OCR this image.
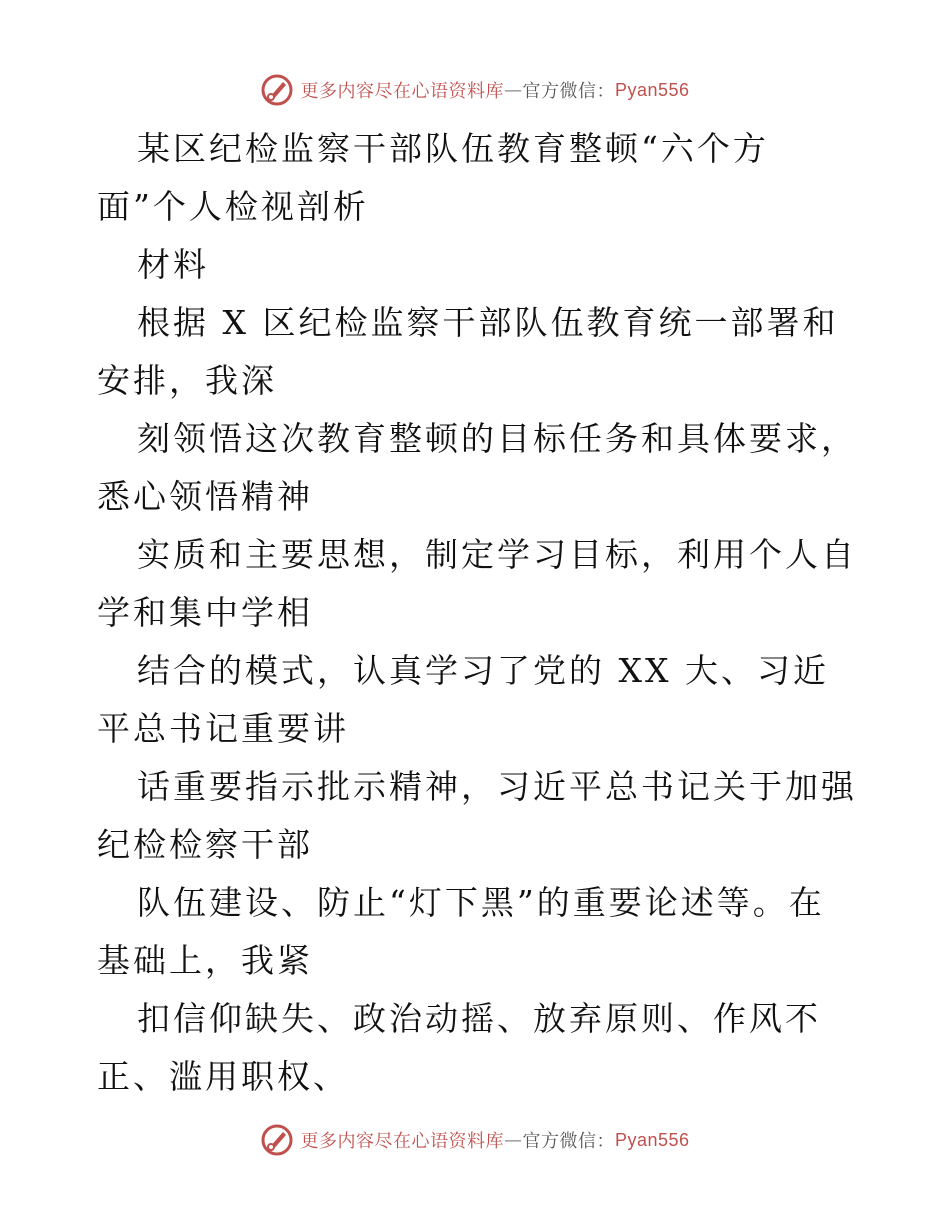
更多内容尽在心语资料库 — 官方微信： Pyan556

某区纪检监察干部队伍教育整顿“六个方面”个人检视剖析

材料

根据 X 区纪检监察干部队伍教育统一部署和安排，我深

刻领悟这次教育整顿的目标任务和具体要求，悉心领悟精神

实质和主要思想，制定学习目标，利用个人自学和集中学相

结合的模式，认真学习了党的 XX 大、习近平总书记重要讲

话重要指示批示精神，习近平总书记关于加强纪检检察干部

队伍建设、防止“灯下黑”的重要论述等。在基础上，我紧

扣信仰缺失、政治动摇、放弃原则、作风不正、滥用职权、

更多内容尽在心语资料库 — 官方微信： Pyan556
